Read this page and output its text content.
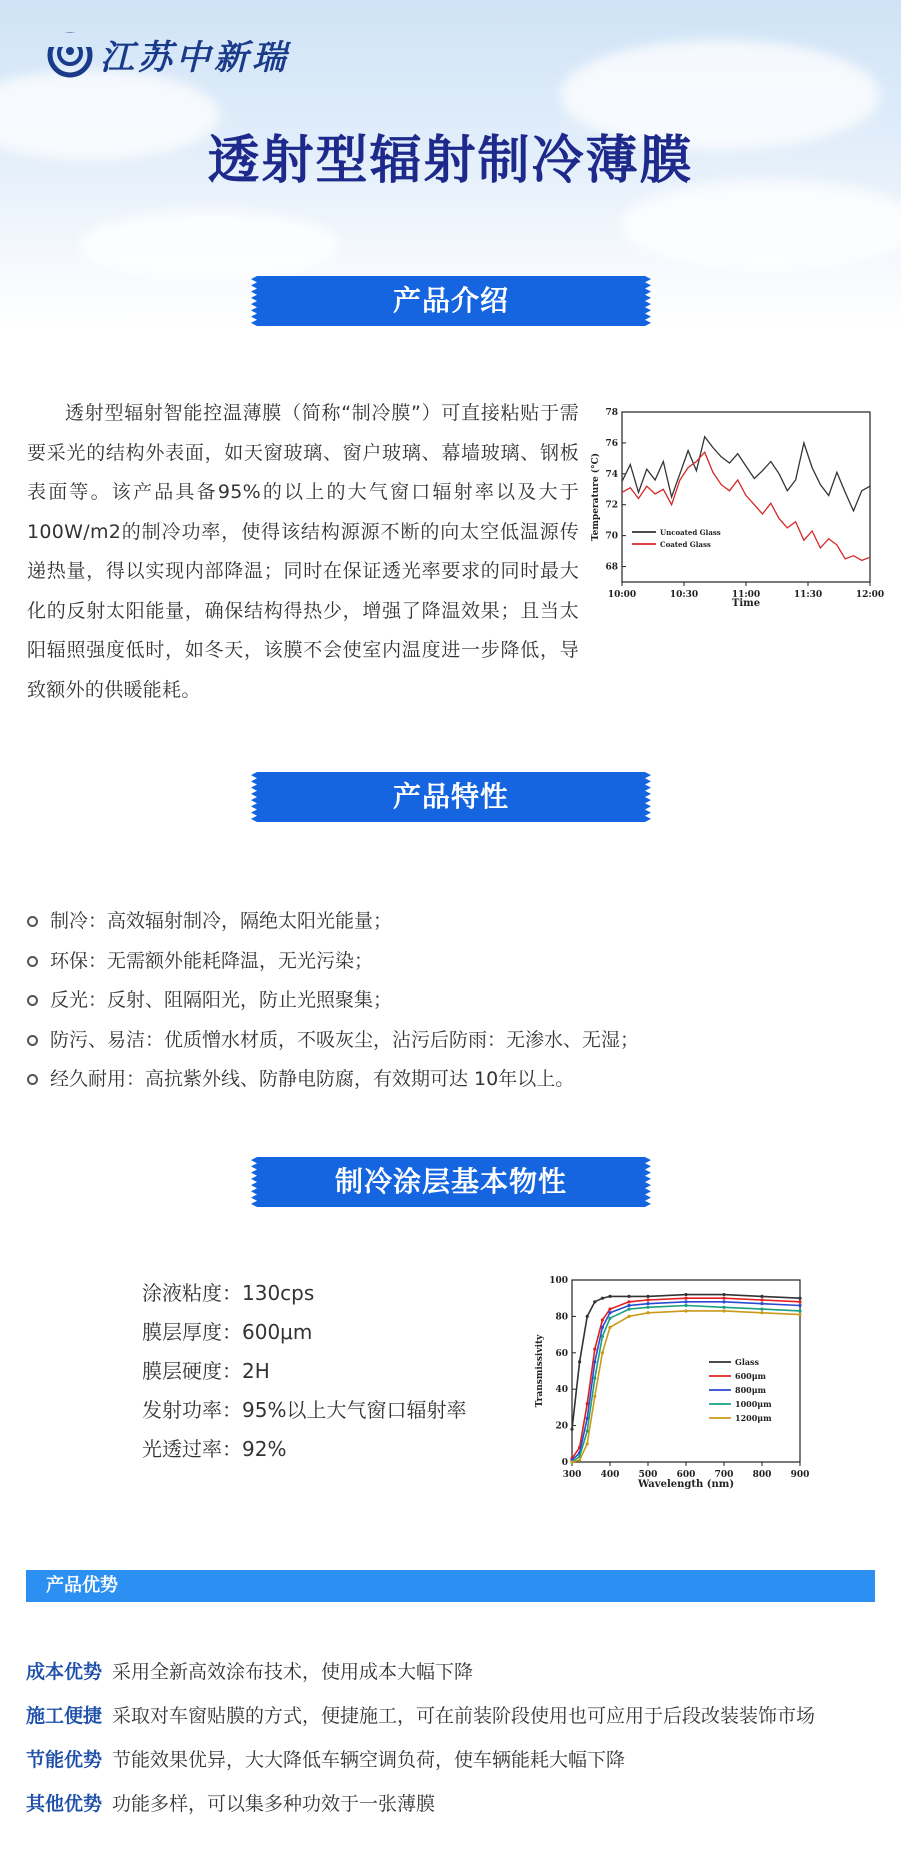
江苏中新瑞
透射型辐射制冷薄膜
产品介绍

透射型辐射智能控温薄膜（简称“制冷膜”）可直接粘贴于需要采光的结构外表面，如天窗玻璃、窗户玻璃、幕墙玻璃、钢板表面等。该产品具备95%的以上的大气窗口辐射率以及大于100W/m2的制冷功率，使得该结构源源不断的向太空低温源传递热量，得以实现内部降温；同时在保证透光率要求的同时最大化的反射太阳能量，确保结构得热少，增强了降温效果；且当太阳辐照强度低时，如冬天，该膜不会使室内温度进一步降低，导致额外的供暖能耗。

10:00	10:30	11:00	11:30	12:00
68
70
72
74
76
78
Time
Temperature (°C)	Uncoated Glass
Coated Glass
产品特性
制冷：高效辐射制冷，隔绝太阳光能量；
环保：无需额外能耗降温，无光污染；
反光：反射、阻隔阳光，防止光照聚集；
防污、易洁：优质憎水材质，不吸灰尘，沾污后防雨：无渗水、无湿；
经久耐用：高抗紫外线、防静电防腐，有效期可达 10年以上。
制冷涂层基本物性
涂液粘度：130cps
膜层厚度：600μm
膜层硬度：2H
发射功率：95%以上大气窗口辐射率
光透过率：92%
300 400 500 600 700 800 900
0
20
40
60
80
100
Wavelength (nm)
Transmissivity	Glass
600μm
800μm
1000μm
1200μm
产品优势
成本优势 采用全新高效涂布技术，使用成本大幅下降
施工便捷 采取对车窗贴膜的方式，便捷施工，可在前装阶段使用也可应用于后段改装装饰市场
节能优势 节能效果优异，大大降低车辆空调负荷，使车辆能耗大幅下降
其他优势 功能多样，可以集多种功效于一张薄膜
